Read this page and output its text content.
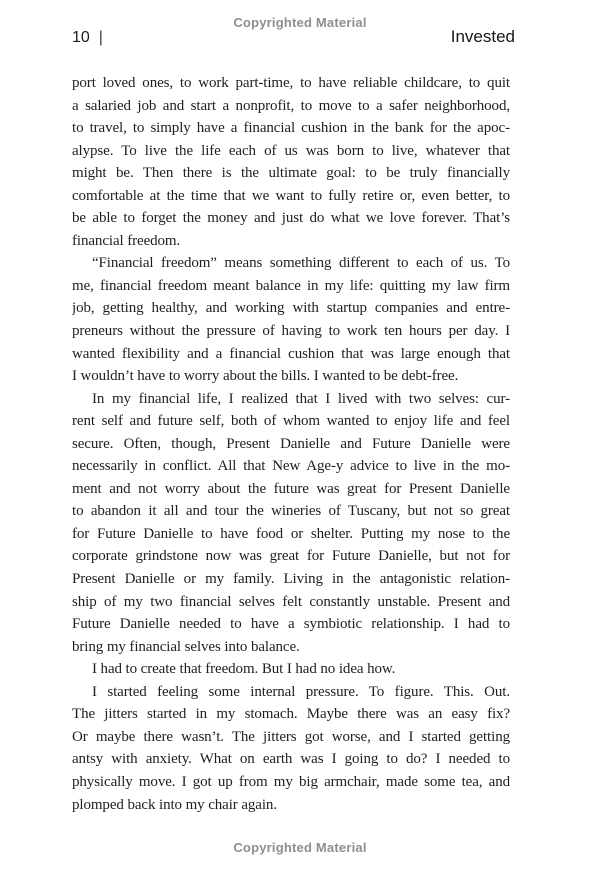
Copyrighted Material
10 |	Invested
port loved ones, to work part-time, to have reliable childcare, to quit
a salaried job and start a nonprofit, to move to a safer neighborhood,
to travel, to simply have a financial cushion in the bank for the apoc-
alypse. To live the life each of us was born to live, whatever that
might be. Then there is the ultimate goal: to be truly financially
comfortable at the time that we want to fully retire or, even better, to
be able to forget the money and just do what we love forever. That’s
financial freedom.
“Financial freedom” means something different to each of us. To
me, financial freedom meant balance in my life: quitting my law firm
job, getting healthy, and working with startup companies and entre-
preneurs without the pressure of having to work ten hours per day. I
wanted flexibility and a financial cushion that was large enough that
I wouldn’t have to worry about the bills. I wanted to be debt-free.
In my financial life, I realized that I lived with two selves: cur-
rent self and future self, both of whom wanted to enjoy life and feel
secure. Often, though, Present Danielle and Future Danielle were
necessarily in conflict. All that New Age-y advice to live in the mo-
ment and not worry about the future was great for Present Danielle
to abandon it all and tour the wineries of Tuscany, but not so great
for Future Danielle to have food or shelter. Putting my nose to the
corporate grindstone now was great for Future Danielle, but not for
Present Danielle or my family. Living in the antagonistic relation-
ship of my two financial selves felt constantly unstable. Present and
Future Danielle needed to have a symbiotic relationship. I had to
bring my financial selves into balance.
I had to create that freedom. But I had no idea how.
I started feeling some internal pressure. To figure. This. Out.
The jitters started in my stomach. Maybe there was an easy fix?
Or maybe there wasn’t. The jitters got worse, and I started getting
antsy with anxiety. What on earth was I going to do? I needed to
physically move. I got up from my big armchair, made some tea, and
plomped back into my chair again.
Copyrighted Material
